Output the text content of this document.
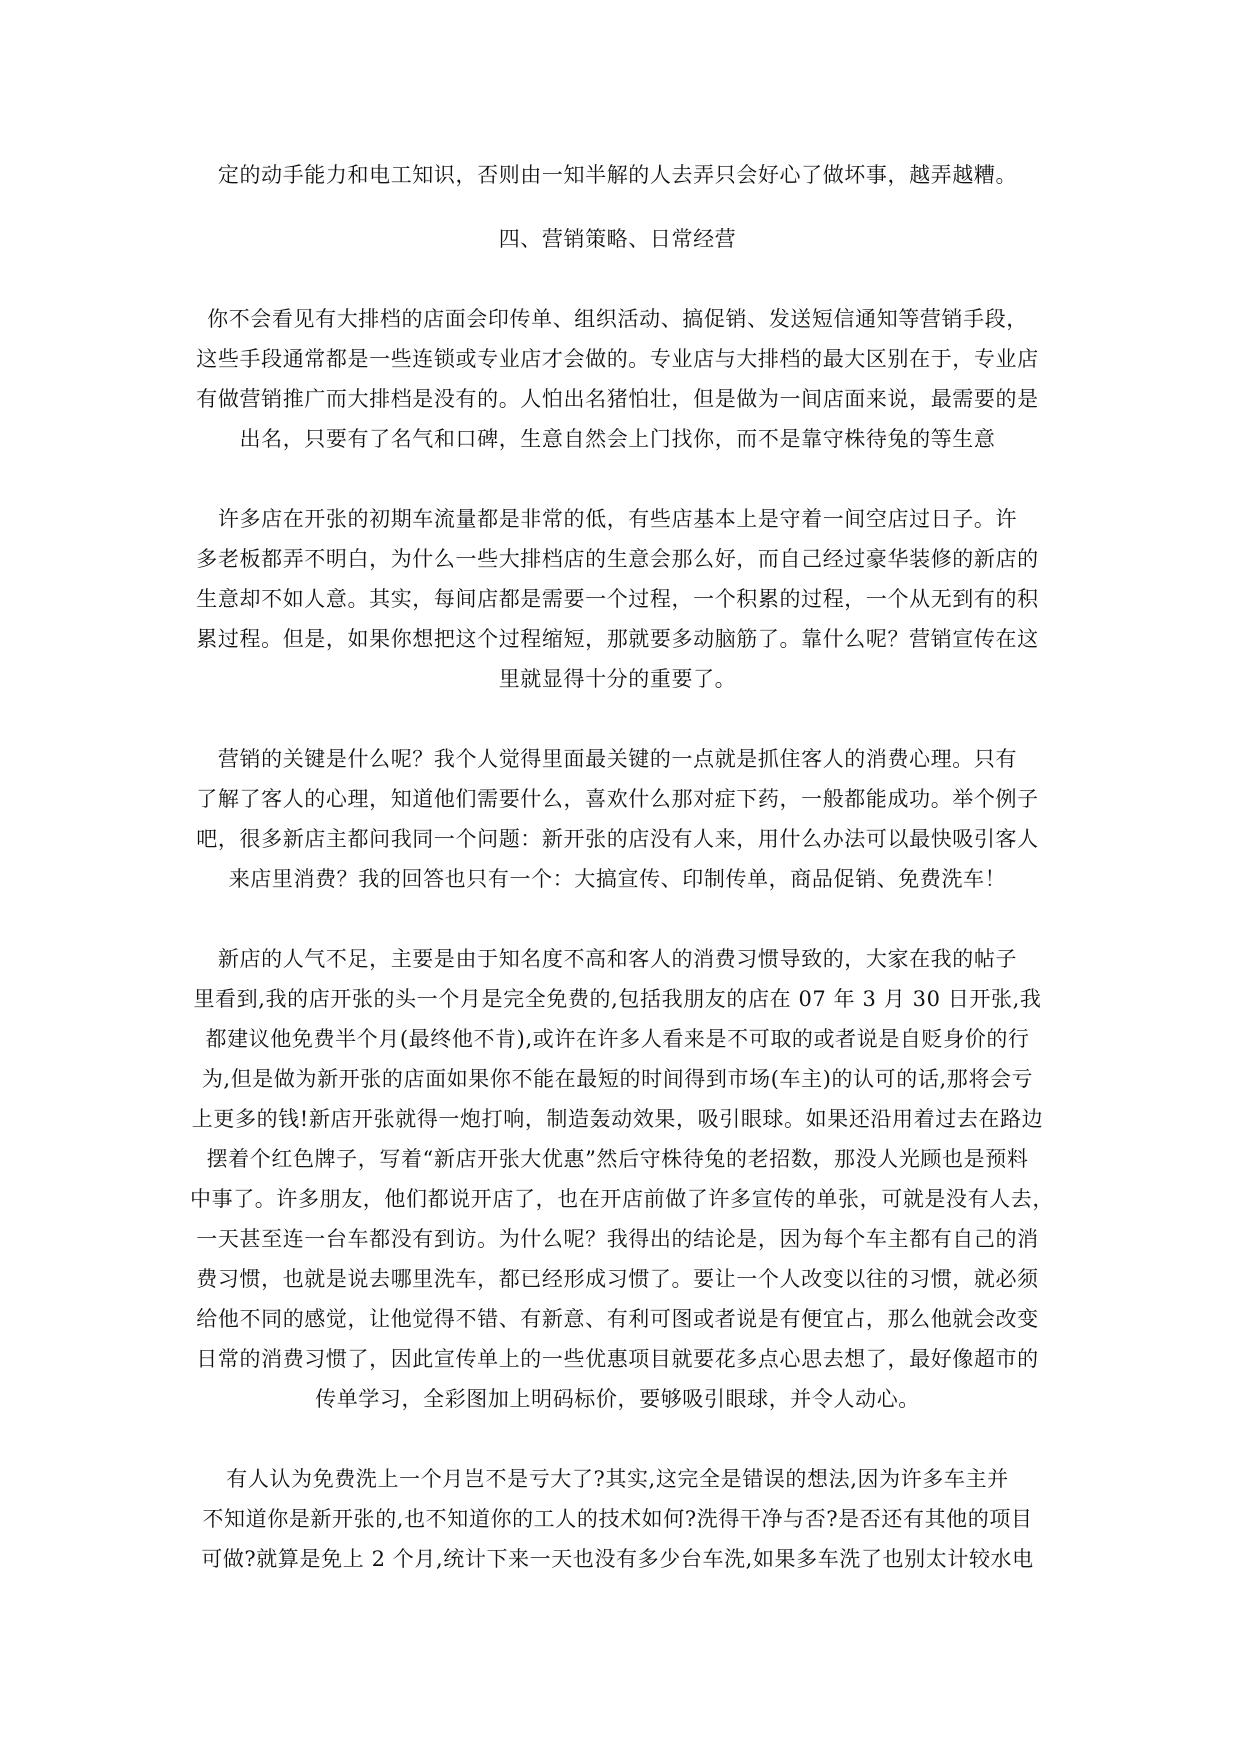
定的动手能力和电工知识，否则由一知半解的人去弄只会好心了做坏事，越弄越糟。
四、营销策略、日常经营
你不会看见有大排档的店面会印传单、组织活动、搞促销、发送短信通知等营销手段，
这些手段通常都是一些连锁或专业店才会做的。专业店与大排档的最大区别在于，专业店
有做营销推广而大排档是没有的。人怕出名猪怕壮，但是做为一间店面来说，最需要的是
出名，只要有了名气和口碑，生意自然会上门找你，而不是靠守株待兔的等生意
许多店在开张的初期车流量都是非常的低，有些店基本上是守着一间空店过日子。许
多老板都弄不明白，为什么一些大排档店的生意会那么好，而自己经过豪华装修的新店的
生意却不如人意。其实，每间店都是需要一个过程，一个积累的过程，一个从无到有的积
累过程。但是，如果你想把这个过程缩短，那就要多动脑筋了。靠什么呢？营销宣传在这
里就显得十分的重要了。
营销的关键是什么呢？我个人觉得里面最关键的一点就是抓住客人的消费心理。只有
了解了客人的心理，知道他们需要什么，喜欢什么那对症下药，一般都能成功。举个例子
吧，很多新店主都问我同一个问题：新开张的店没有人来，用什么办法可以最快吸引客人
来店里消费？我的回答也只有一个：大搞宣传、印制传单，商品促销、免费洗车！
新店的人气不足，主要是由于知名度不高和客人的消费习惯导致的，大家在我的帖子
里看到,我的店开张的头一个月是完全免费的,包括我朋友的店在 07 年 3 月 30 日开张,我
都建议他免费半个月(最终他不肯),或许在许多人看来是不可取的或者说是自贬身价的行
为,但是做为新开张的店面如果你不能在最短的时间得到市场(车主)的认可的话,那将会亏
上更多的钱!新店开张就得一炮打响，制造轰动效果，吸引眼球。如果还沿用着过去在路边
摆着个红色牌子，写着“新店开张大优惠”然后守株待兔的老招数，那没人光顾也是预料
中事了。许多朋友，他们都说开店了，也在开店前做了许多宣传的单张，可就是没有人去，
一天甚至连一台车都没有到访。为什么呢？我得出的结论是，因为每个车主都有自己的消
费习惯，也就是说去哪里洗车，都已经形成习惯了。要让一个人改变以往的习惯，就必须
给他不同的感觉，让他觉得不错、有新意、有利可图或者说是有便宜占，那么他就会改变
日常的消费习惯了，因此宣传单上的一些优惠项目就要花多点心思去想了，最好像超市的
传单学习，全彩图加上明码标价，要够吸引眼球，并令人动心。
有人认为免费洗上一个月岂不是亏大了?其实,这完全是错误的想法,因为许多车主并
不知道你是新开张的,也不知道你的工人的技术如何?洗得干净与否?是否还有其他的项目
可做?就算是免上 2 个月,统计下来一天也没有多少台车洗,如果多车洗了也别太计较水电
